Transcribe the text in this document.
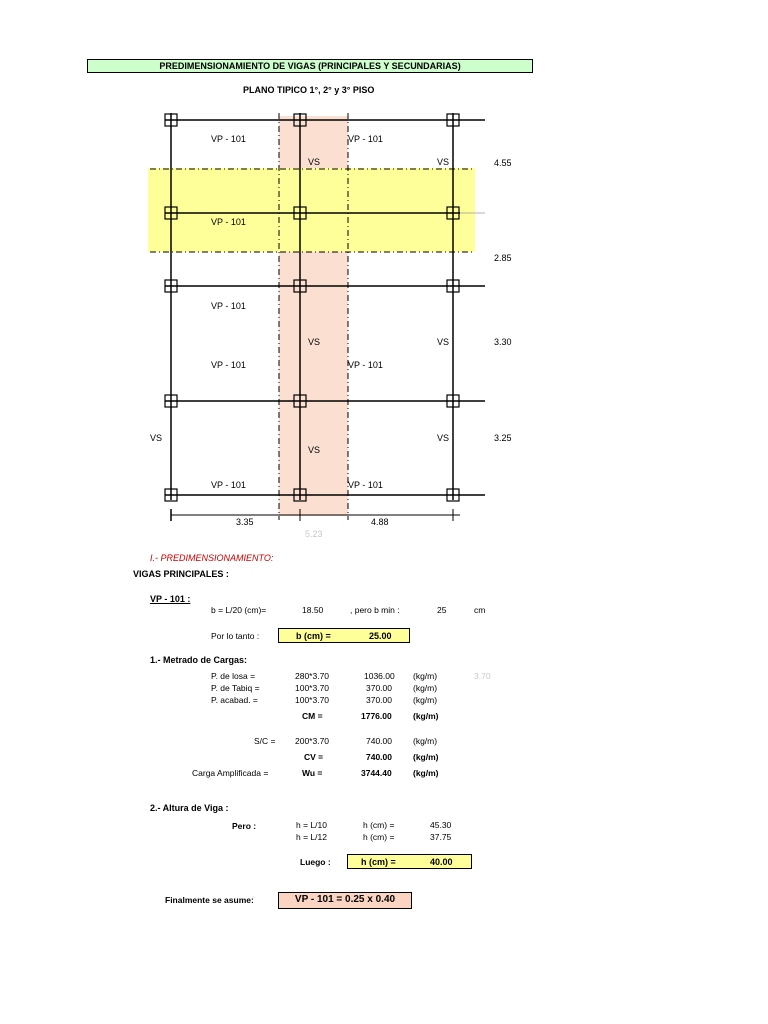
PREDIMENSIONAMIENTO DE VIGAS (PRINCIPALES Y SECUNDARIAS)
PLANO TIPICO 1°, 2° y 3° PISO
VP - 101	VP - 101
VS	VS
VP - 101
VP - 101
VS	VS
VP - 101	VP - 101
VS	VS
VS
VP - 101	VP - 101
4.55
2.85
3.30
3.25
3.35	4.88
5.23
I.- PREDIMENSIONAMIENTO:
VIGAS PRINCIPALES :
VP - 101 :
b = L/20 (cm)=	18.50	, pero b min :	25	cm
Por lo tanto :	b (cm) =	25.00
1.- Metrado de Cargas:
P. de losa =	280*3.70	1036.00 (kg/m)	3.70
P. de Tabiq =	100*3.70	370.00 (kg/m)
P. acabad. =	100*3.70	370.00 (kg/m)
CM =	1776.00	(kg/m)
S/C = 200*3.70	740.00 (kg/m)
CV =	740.00 (kg/m)
Carga Amplificada =	Wu =	3744.40	(kg/m)
2.- Altura de Viga :
Pero :	h = L/10	h (cm) =	45.30
h = L/12	h (cm) =	37.75
Luego :	h (cm) =	40.00
Finalmente se asume:	VP - 101 = 0.25 x 0.40
